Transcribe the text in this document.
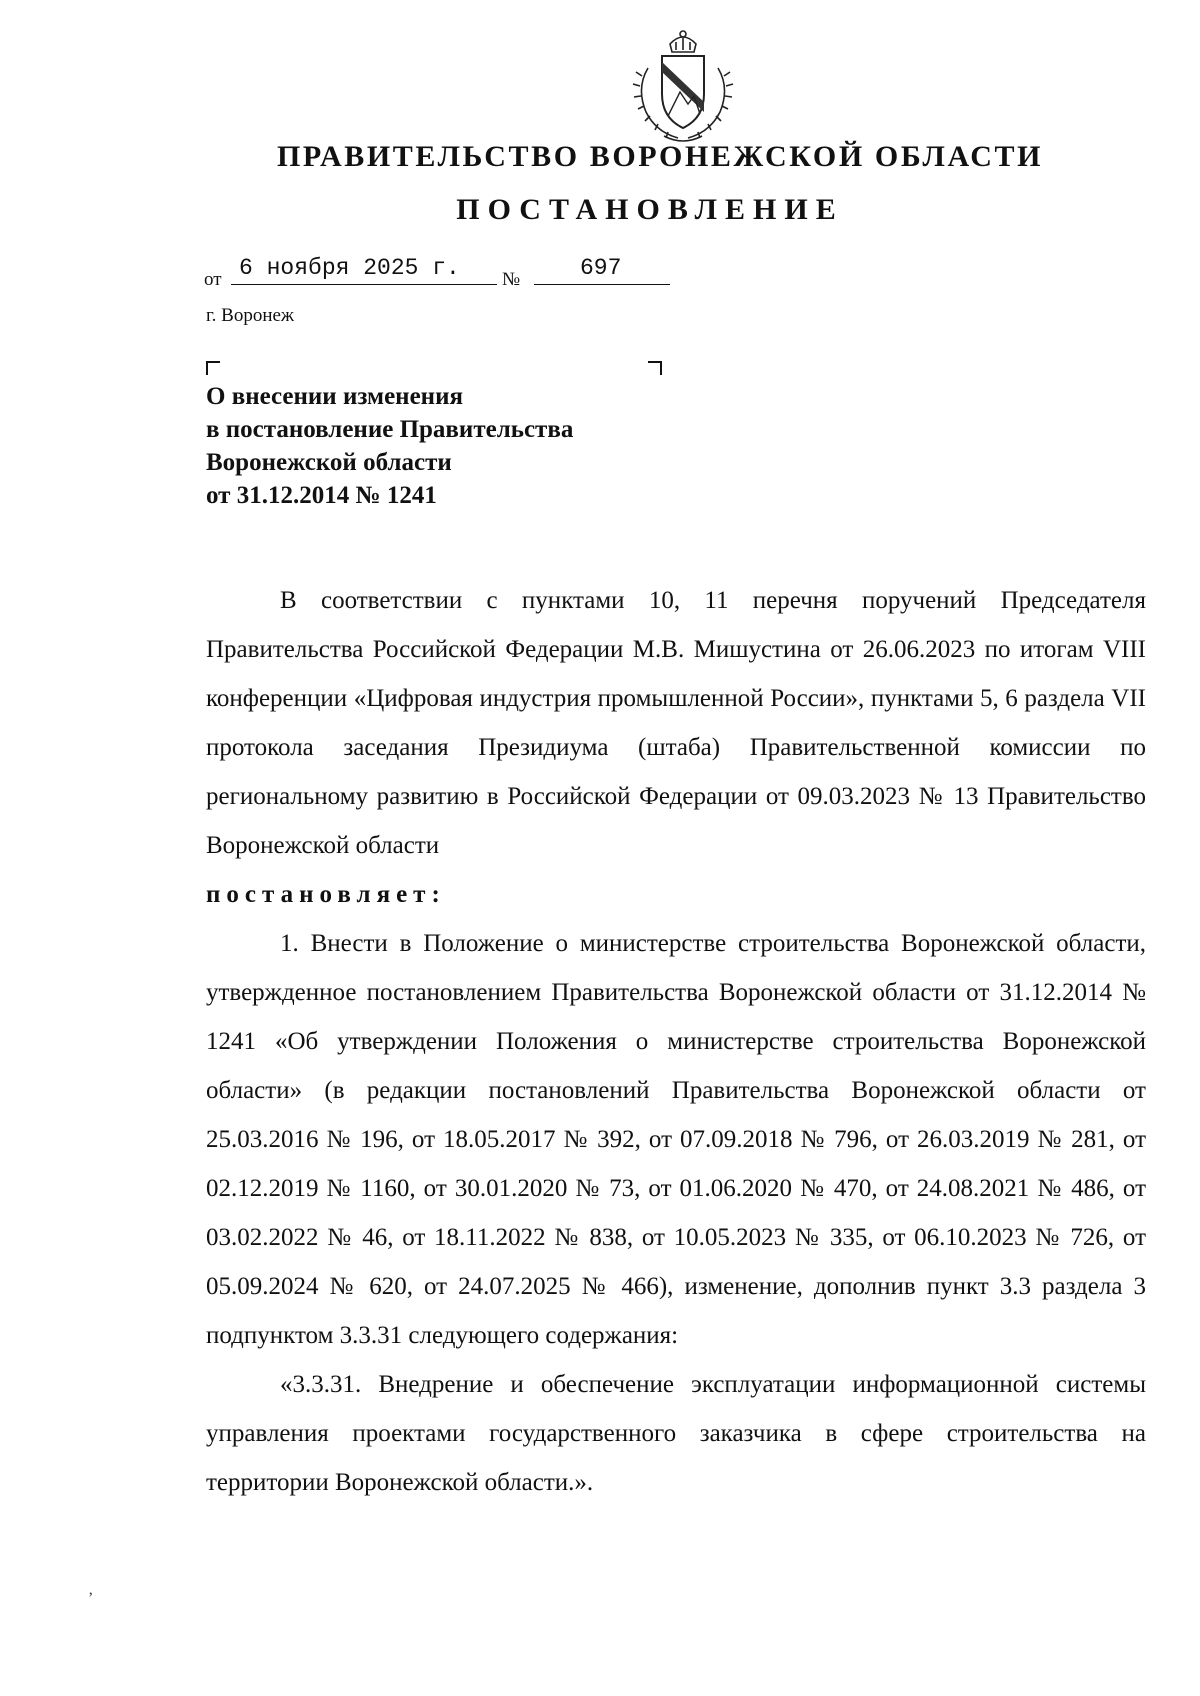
ПРАВИТЕЛЬСТВО ВОРОНЕЖСКОЙ ОБЛАСТИ
ПОСТАНОВЛЕНИЕ
от 6 ноября 2025 г.	№	697
г. Воронеж
О внесении изменения
в постановление Правительства
Воронежской области
от 31.12.2014 № 1241

В соответствии с пунктами 10, 11 перечня поручений Председателя Правительства Российской Федерации М.В. Мишустина от 26.06.2023 по итогам VIII конференции «Цифровая индустрия промышленной России», пунктами 5, 6 раздела VII протокола заседания Президиума (штаба) Правительственной комиссии по региональному развитию в Российской Федерации от 09.03.2023 № 13 Правительство Воронежской области

постановляет:

1. Внести в Положение о министерстве строительства Воронежской области, утвержденное постановлением Правительства Воронежской области от 31.12.2014 № 1241 «Об утверждении Положения о министерстве строительства Воронежской области» (в редакции постановлений Правительства Воронежской области от 25.03.2016 № 196, от 18.05.2017 № 392, от 07.09.2018 № 796, от 26.03.2019 № 281, от 02.12.2019 № 1160, от 30.01.2020 № 73, от 01.06.2020 № 470, от 24.08.2021 № 486, от 03.02.2022 № 46, от 18.11.2022 № 838, от 10.05.2023 № 335, от 06.10.2023 № 726, от 05.09.2024 № 620, от 24.07.2025 № 466), изменение, дополнив пункт 3.3 раздела 3 подпунктом 3.3.31 следующего содержания:

«3.3.31. Внедрение и обеспечение эксплуатации информационной системы управления проектами государственного заказчика в сфере строительства на территории Воронежской области.».

ʼ
